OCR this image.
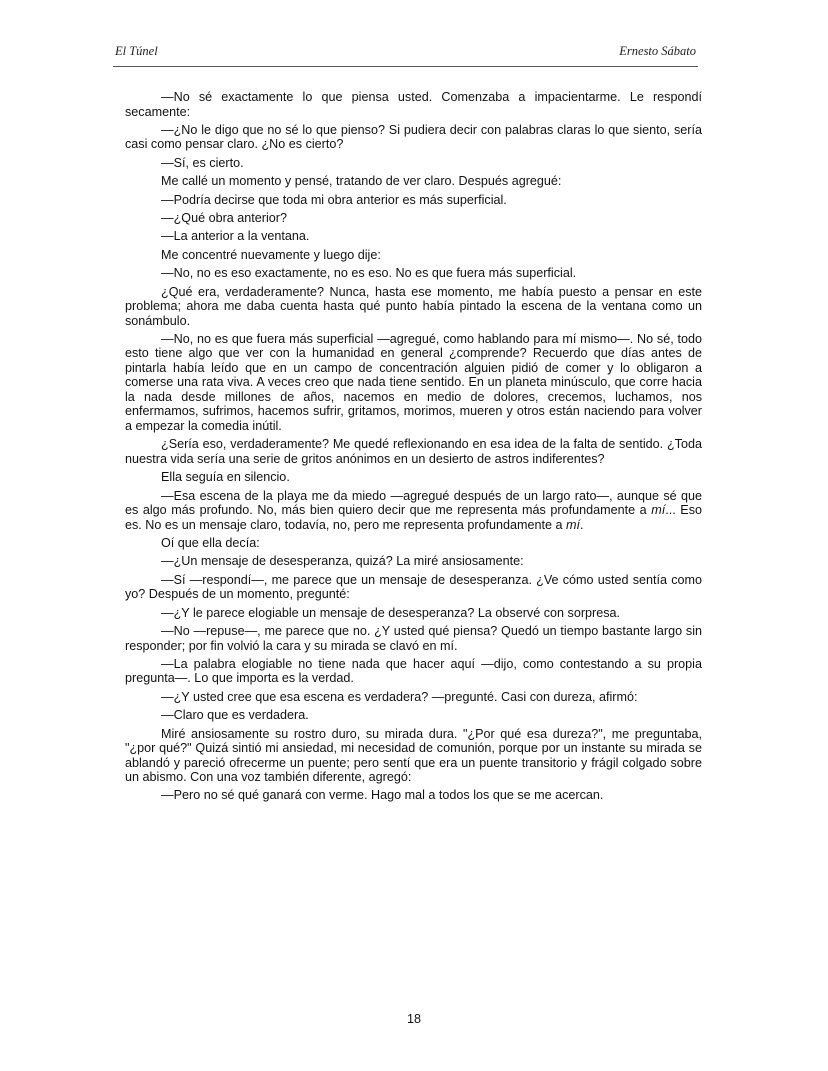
El Túnel	Ernesto Sábato

—No sé exactamente lo que piensa usted. Comenzaba a impacientarme. Le respondí secamente:

—¿No le digo que no sé lo que pienso? Si pudiera decir con palabras claras lo que siento, sería casi como pensar claro. ¿No es cierto?

—Sí, es cierto.

Me callé un momento y pensé, tratando de ver claro. Después agregué:

—Podría decirse que toda mi obra anterior es más superficial.

—¿Qué obra anterior?

—La anterior a la ventana.

Me concentré nuevamente y luego dije:

—No, no es eso exactamente, no es eso. No es que fuera más superficial.

¿Qué era, verdaderamente? Nunca, hasta ese momento, me había puesto a pensar en este problema; ahora me daba cuenta hasta qué punto había pintado la escena de la ventana como un sonámbulo.

—No, no es que fuera más superficial —agregué, como hablando para mí mismo—. No sé, todo esto tiene algo que ver con la humanidad en general ¿comprende? Recuerdo que días antes de pintarla había leído que en un campo de concentración alguien pidió de comer y lo obligaron a comerse una rata viva. A veces creo que nada tiene sentido. En un planeta minúsculo, que corre hacia la nada desde millones de años, nacemos en medio de dolores, crecemos, luchamos, nos enfermamos, sufrimos, hacemos sufrir, gritamos, morimos, mueren y otros están naciendo para volver a empezar la comedia inútil.

¿Sería eso, verdaderamente? Me quedé reflexionando en esa idea de la falta de sentido. ¿Toda nuestra vida sería una serie de gritos anónimos en un desierto de astros indiferentes?

Ella seguía en silencio.

—Esa escena de la playa me da miedo —agregué después de un largo rato—, aunque sé que es algo más profundo. No, más bien quiero decir que me representa más profundamente a mí... Eso es. No es un mensaje claro, todavía, no, pero me representa profundamente a mí.

Oí que ella decía:

—¿Un mensaje de desesperanza, quizá? La miré ansiosamente:

—Sí —respondí—, me parece que un mensaje de desesperanza. ¿Ve cómo usted sentía como yo? Después de un momento, pregunté:

—¿Y le parece elogiable un mensaje de desesperanza? La observé con sorpresa.

—No —repuse—, me parece que no. ¿Y usted qué piensa? Quedó un tiempo bastante largo sin responder; por fin volvió la cara y su mirada se clavó en mí.

—La palabra elogiable no tiene nada que hacer aquí —dijo, como contestando a su propia pregunta—. Lo que importa es la verdad.

—¿Y usted cree que esa escena es verdadera? —pregunté. Casi con dureza, afirmó:

—Claro que es verdadera.

Miré ansiosamente su rostro duro, su mirada dura. "¿Por qué esa dureza?", me preguntaba, "¿por qué?" Quizá sintió mi ansiedad, mi necesidad de comunión, porque por un instante su mirada se ablandó y pareció ofrecerme un puente; pero sentí que era un puente transitorio y frágil colgado sobre un abismo. Con una voz también diferente, agregó:

—Pero no sé qué ganará con verme. Hago mal a todos los que se me acercan.

18
